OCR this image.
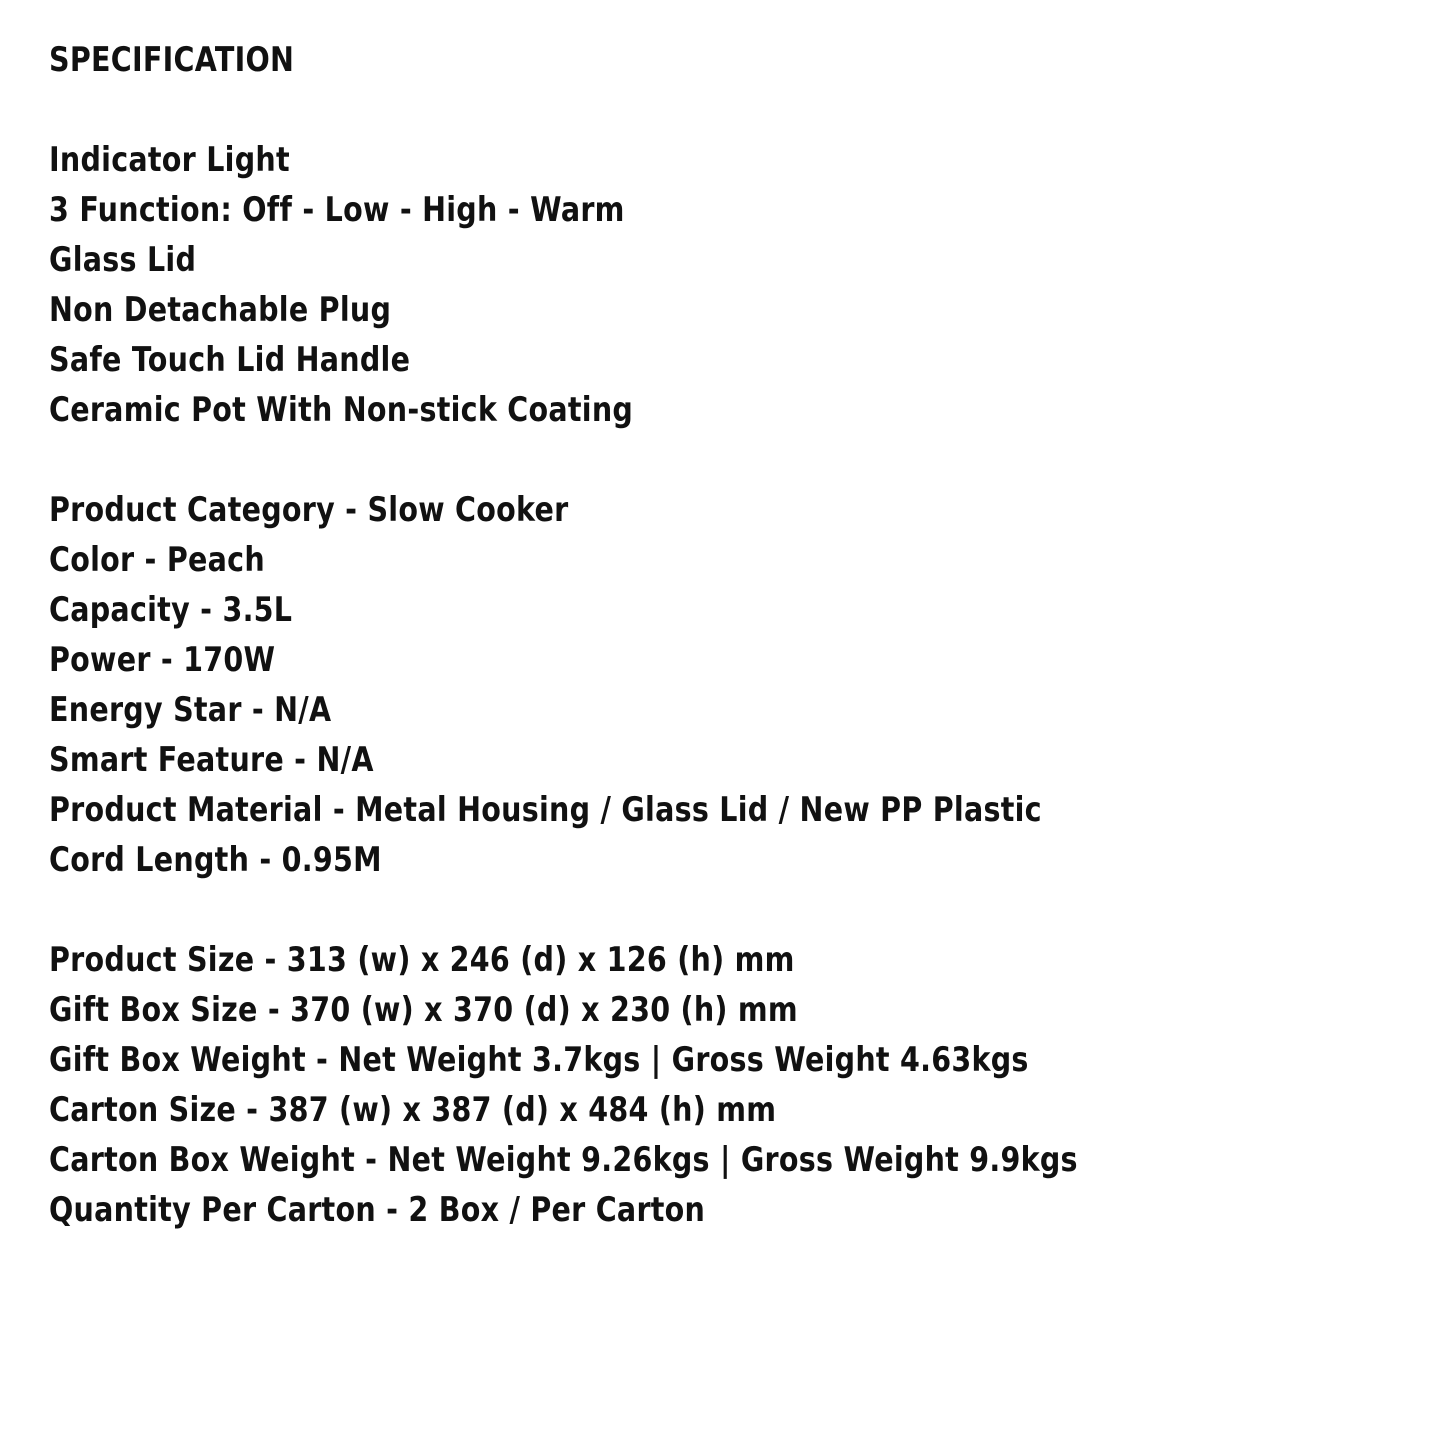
SPECIFICATION
Indicator Light
3 Function: Off - Low - High - Warm
Glass Lid
Non Detachable Plug
Safe Touch Lid Handle
Ceramic Pot With Non-stick Coating
Product Category - Slow Cooker
Color - Peach
Capacity - 3.5L
Power - 170W
Energy Star - N/A
Smart Feature - N/A
Product Material - Metal Housing / Glass Lid / New PP Plastic
Cord Length - 0.95M
Product Size - 313 (w) x 246 (d) x 126 (h) mm
Gift Box Size - 370 (w) x 370 (d) x 230 (h) mm
Gift Box Weight - Net Weight 3.7kgs | Gross Weight 4.63kgs
Carton Size - 387 (w) x 387 (d) x 484 (h) mm
Carton Box Weight - Net Weight 9.26kgs | Gross Weight 9.9kgs
Quantity Per Carton - 2 Box / Per Carton
